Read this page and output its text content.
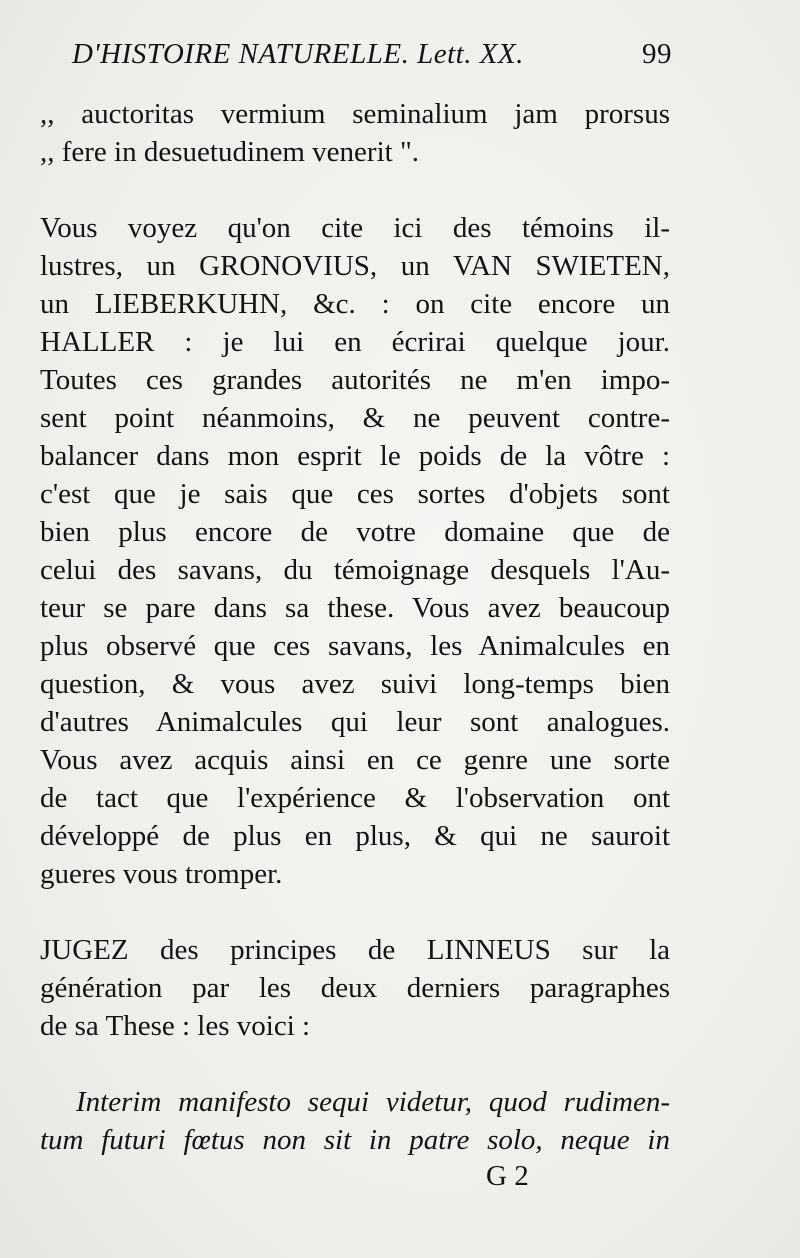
D'HISTOIRE NATURELLE. Lett. XX.	99
,, auctoritas vermium seminalium jam prorsus
,, fere in desuetudinem venerit ".
Vous voyez qu'on cite ici des témoins il-
lustres, un GRONOVIUS, un VAN SWIETEN,
un LIEBERKUHN, &c. : on cite encore un
HALLER : je lui en écrirai quelque jour.
Toutes ces grandes autorités ne m'en impo-
sent point néanmoins, & ne peuvent contre-
balancer dans mon esprit le poids de la vôtre :
c'est que je sais que ces sortes d'objets sont
bien plus encore de votre domaine que de
celui des savans, du témoignage desquels l'Au-
teur se pare dans sa these. Vous avez beaucoup
plus observé que ces savans, les Animalcules en
question, & vous avez suivi long-temps bien
d'autres Animalcules qui leur sont analogues.
Vous avez acquis ainsi en ce genre une sorte
de tact que l'expérience & l'observation ont
développé de plus en plus, & qui ne sauroit
gueres vous tromper.
JUGEZ des principes de LINNEUS sur la
génération par les deux derniers paragraphes
de sa These : les voici :
Interim manifesto sequi videtur, quod rudimen-
tum futuri fœtus non sit in patre solo, neque in
G 2
